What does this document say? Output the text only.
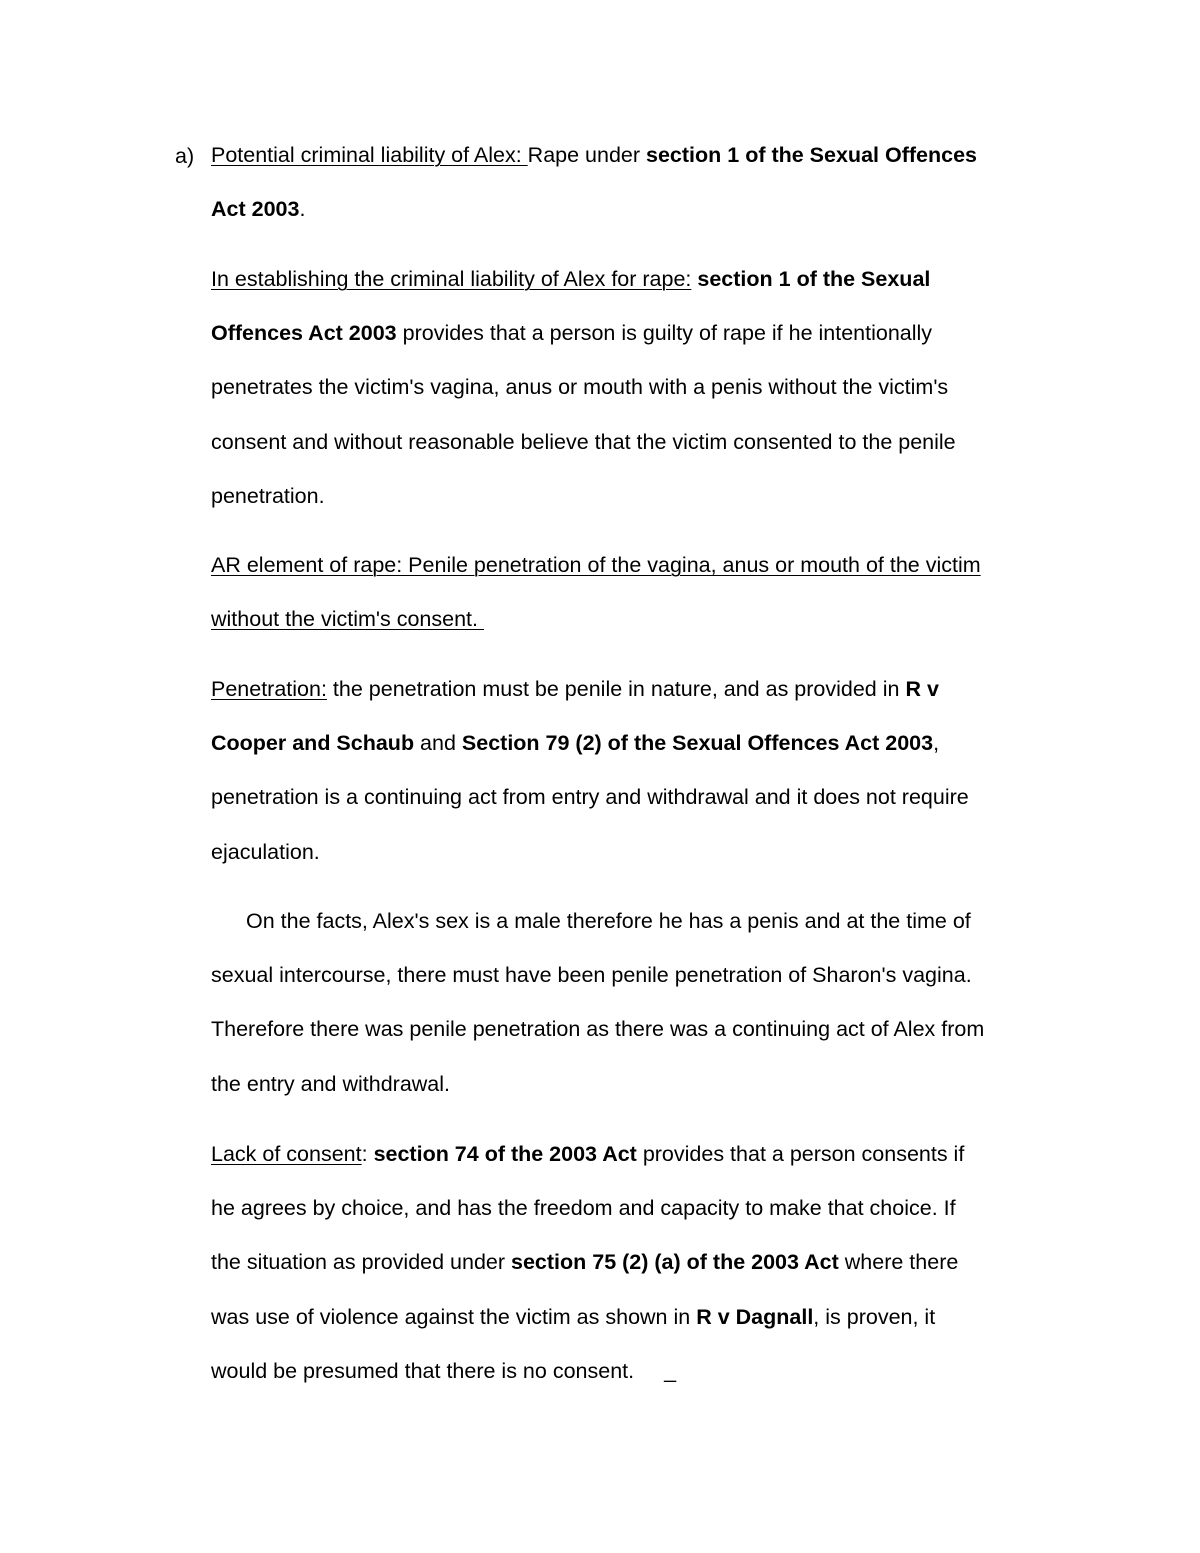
a) Potential criminal liability of Alex: Rape under section 1 of the Sexual Offences
Act 2003.
In establishing the criminal liability of Alex for rape: section 1 of the Sexual
Offences Act 2003 provides that a person is guilty of rape if he intentionally
penetrates the victim's vagina, anus or mouth with a penis without the victim's
consent and without reasonable believe that the victim consented to the penile
penetration.
AR element of rape: Penile penetration of the vagina, anus or mouth of the victim
without the victim's consent.
Penetration: the penetration must be penile in nature, and as provided in R v
Cooper and Schaub and Section 79 (2) of the Sexual Offences Act 2003,
penetration is a continuing act from entry and withdrawal and it does not require
ejaculation.
On the facts, Alex's sex is a male therefore he has a penis and at the time of
sexual intercourse, there must have been penile penetration of Sharon's vagina.
Therefore there was penile penetration as there was a continuing act of Alex from
the entry and withdrawal.
Lack of consent: section 74 of the 2003 Act provides that a person consents if
he agrees by choice, and has the freedom and capacity to make that choice. If
the situation as provided under section 75 (2) (a) of the 2003 Act where there
was use of violence against the victim as shown in R v Dagnall, is proven, it
would be presumed that there is no consent. _
